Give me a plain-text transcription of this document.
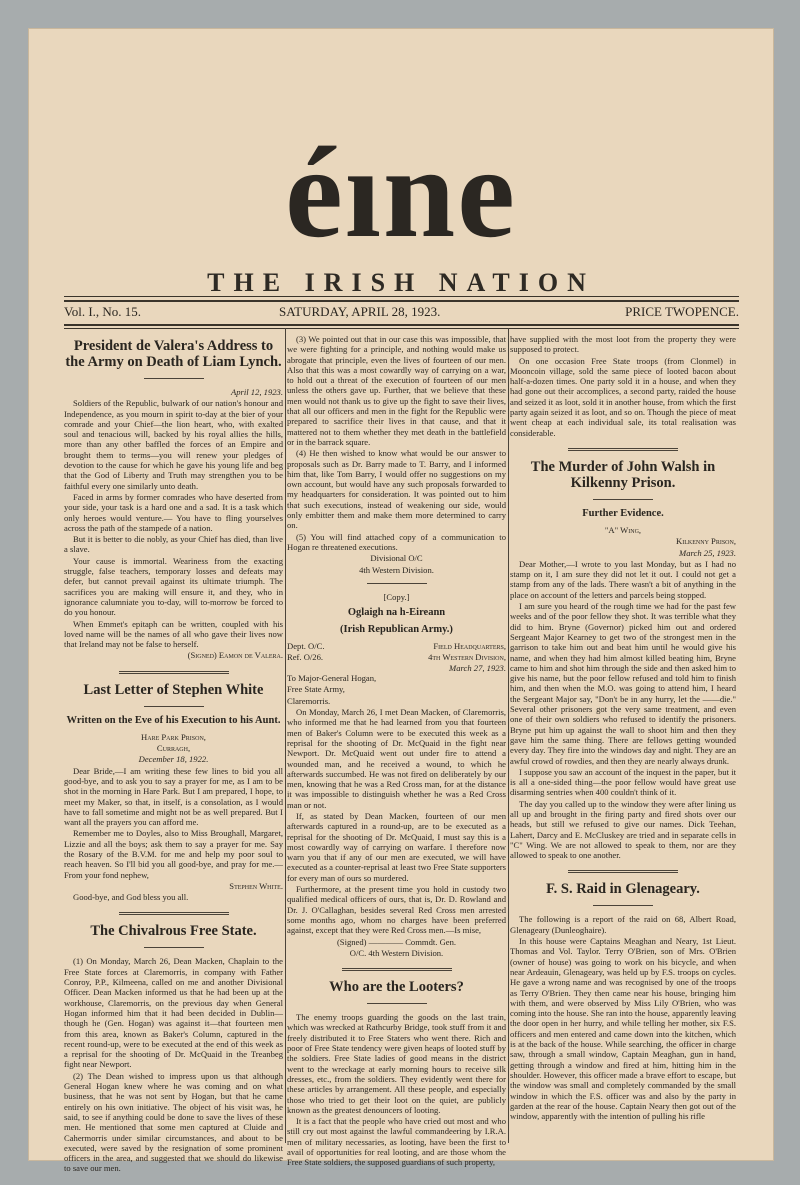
éıne
THE IRISH NATION
Vol. I., No. 15.	SATURDAY, APRIL 28, 1923.	PRICE TWOPENCE.
President de Valera's Address to the Army on Death of Liam Lynch.

April 12, 1923.

Soldiers of the Republic, bulwark of our nation's honour and Independence, as you mourn in spirit to-day at the bier of your comrade and your Chief—the lion heart, who, with exalted soul and tenacious will, backed by his royal allies the hills, more than any other baffled the forces of an Empire and brought them to terms—you will renew your pledges of devotion to the cause for which he gave his young life and beg that the God of Liberty and Truth may strengthen you to be faithful every one similarly unto death.

Faced in arms by former comrades who have deserted from your side, your task is a hard one and a sad. It is a task which only heroes would venture.— You have to fling yourselves across the path of the stampede of a nation.

But it is better to die nobly, as your Chief has died, than live a slave.

Your cause is immortal. Weariness from the exacting struggle, false teachers, temporary losses and defeats may defer, but cannot prevail against its ultimate triumph. The sacrifices you are making will ensure it, and they, who in ignorance calumniate you to-day, will to-morrow be forced to do you honour.

When Emmet's epitaph can be written, coupled with his loved name will be the names of all who gave their lives now that Ireland may not be false to herself.

(Signed) Eamon de Valera.

Last Letter of Stephen White
Written on the Eve of his Execution to his Aunt.

Hare Park Prison,

Curragh,

December 18, 1922.

Dear Bride,—I am writing these few lines to bid you all good-bye, and to ask you to say a prayer for me, as I am to be shot in the morning in Hare Park. But I am prepared, I hope, to meet my Maker, so that, in itself, is a consolation, as I would have to fall sometime and might not be as well prepared. But I want all the prayers you can afford me.

Remember me to Doyles, also to Miss Broughall, Margaret, Lizzie and all the boys; ask them to say a prayer for me. Say the Rosary of the B.V.M. for me and help my poor soul to reach heaven. So I'll bid you all good-bye, and pray for me.—From your fond nephew,

Stephen White.

Good-bye, and God bless you all.

The Chivalrous Free State.

(1) On Monday, March 26, Dean Macken, Chaplain to the Free State forces at Claremorris, in company with Father Conroy, P.P., Kilmeena, called on me and another Divisional Officer. Dean Macken informed us that he had been up at the workhouse, Claremorris, on the previous day when General Hogan informed him that it had been decided in Dublin—though he (Gen. Hogan) was against it—that fourteen men from this area, known as Baker's Column, captured in the recent round-up, were to be executed at the end of this week as a reprisal for the shooting of Dr. McQuaid in the Treanbeg fight near Newport.

(2) The Dean wished to impress upon us that although General Hogan knew where he was coming and on what business, that he was not sent by Hogan, but that he came entirely on his own initiative. The object of his visit was, he said, to see if anything could be done to save the lives of these men. He mentioned that some men captured at Cluide and Cahermorris under similar circumstances, and about to be executed, were saved by the resignation of some prominent officers in the area, and suggested that we should do likewise to save our men.

(3) We pointed out that in our case this was impossible, that we were fighting for a principle, and nothing would make us abrogate that principle, even the lives of fourteen of our men. Also that this was a most cowardly way of carrying on a war, to hold out a threat of the execution of fourteen of our men unless the others gave up. Further, that we believe that these men would not thank us to give up the fight to save their lives, that all our officers and men in the fight for the Republic were prepared to sacrifice their lives in that cause, and that it mattered not to them whether they met death in the battlefield or in the barrack square.

(4) He then wished to know what would be our answer to proposals such as Dr. Barry made to T. Barry, and I informed him that, like Tom Barry, I would offer no suggestions on my own account, but would have any such proposals forwarded to my headquarters for consideration. It was pointed out to him that such executions, instead of weakening our side, would only embitter them and make them more determined to carry on.

(5) You will find attached copy of a communication to Hogan re threatened executions.

Divisional O/C

4th Western Division.

[Copy.]

Oglaigh na h-Eireann
(Irish Republican Army.)
Dept. O/C.
Ref. O/26.
Field Headquarters,
4th Western Division,
March 27, 1923.

To Major-General Hogan,

Free State Army,

Claremorris.

On Monday, March 26, I met Dean Macken, of Claremorris, who informed me that he had learned from you that fourteen men of Baker's Column were to be executed this week as a reprisal for the shooting of Dr. McQuaid in the fight near Newport. Dr. McQuaid went out under fire to attend a wounded man, and he received a wound, to which he afterwards succumbed. He was not fired on deliberately by our men, knowing that he was a Red Cross man, for at the distance it was impossible to distinguish whether he was a Red Cross man or not.

If, as stated by Dean Macken, fourteen of our men afterwards captured in a round-up, are to be executed as a reprisal for the shooting of Dr. McQuaid, I must say this is a most cowardly way of carrying on warfare. I therefore now warn you that if any of our men are executed, we will have executed as a counter-reprisal at least two Free State supporters for every man of ours so murdered.

Furthermore, at the present time you hold in custody two qualified medical officers of ours, that is, Dr. D. Rowland and Dr. J. O'Callaghan, besides several Red Cross men arrested some months ago, whom no charges have been preferred against, except that they were Red Cross men.—Is mise,

(Signed) ———— Commdt. Gen.

O/C. 4th Western Division.

Who are the Looters?

The enemy troops guarding the goods on the last train, which was wrecked at Rathcurby Bridge, took stuff from it and freely distributed it to Free Staters who went there. Rich and poor of Free State tendency were given heaps of looted stuff by the soldiers. Free State ladies of good means in the district went to the wreckage at early morning hours to receive silk dresses, etc., from the soldiers. They evidently went there for these articles by arrangement. All these people, and especially those who tried to get their loot on the quiet, are publicly known as the greatest denouncers of looting.

It is a fact that the people who have cried out most and who still cry out most against the lawful commandeering by I.R.A. men of military necessaries, as looting, have been the first to avail of opportunities for real looting, and are those whom the Free State soldiers, the supposed guardians of such property,

have supplied with the most loot from the property they were supposed to protect.

On one occasion Free State troops (from Clonmel) in Mooncoin village, sold the same piece of looted bacon about half-a-dozen times. One party sold it in a house, and when they had gone out their accomplices, a second party, raided the house and seized it as loot, sold it in another house, from which the first party again seized it as loot, and so on. Though the piece of meat went cheap at each individual sale, its total realisation was considerable.

The Murder of John Walsh in Kilkenny Prison.
Further Evidence.

"A" Wing,

Kilkenny Prison,

March 25, 1923.

Dear Mother,—I wrote to you last Monday, but as I had no stamp on it, I am sure they did not let it out. I could not get a stamp from any of the lads. There wasn't a bit of anything in the place on account of the letters and parcels being stopped.

I am sure you heard of the rough time we had for the past few weeks and of the poor fellow they shot. It was terrible what they did to him. Bryne (Governor) picked him out and ordered Sergeant Major Kearney to get two of the strongest men in the garrison to take him out and beat him until he would give his name, and when they had him almost killed beating him, Bryne came to him and shot him through the side and then asked him to give his name, but the poor fellow refused and told him to finish him, and then when the M.O. was going to attend him, I heard the Sergeant Major say, "Don't be in any hurry, let the ——die." Several other prisoners got the very same treatment, and even one of their own soldiers who refused to identify the prisoners. Bryne put him up against the wall to shoot him and then they gave him the same thing. There are fellows getting wounded every day. They fire into the windows day and night. They are an awful crowd of rowdies, and then they are nearly always drunk.

I suppose you saw an account of the inquest in the paper, but it is all a one-sided thing—the poor fellow would have great use disarming sentries when 400 couldn't think of it.

The day you called up to the window they were after lining us all up and brought in the firing party and fired shots over our heads, but still we refused to give our names. Dick Teehan, Lahert, Darcy and E. McCluskey are tried and in separate cells in "C" Wing. We are not allowed to speak to them, nor are they allowed to speak to one another.

F. S. Raid in Glenageary.

The following is a report of the raid on 68, Albert Road, Glenageary (Dunleoghaire).

In this house were Captains Meaghan and Neary, 1st Lieut. Thomas and Vol. Taylor. Terry O'Brien, son of Mrs. O'Brien (owner of house) was going to work on his bicycle, and when near Ardeauin, Glenageary, was held up by F.S. troops on cycles. He gave a wrong name and was recognised by one of the troops as Terry O'Brien. They then came near his house, bringing him with them, and were observed by Miss Lily O'Brien, who was coming into the house. She ran into the house, apparently leaving the door open in her hurry, and while telling her mother, six F.S. officers and men entered and came down into the kitchen, which is at the back of the house. While searching, the officer in charge saw, through a small window, Captain Meaghan, gun in hand, getting through a window and fired at him, hitting him in the shoulder. However, this officer made a brave effort to escape, but the window was small and completely commanded by the small window in which the F.S. officer was and also by the party in garden at the rear of the house. Captain Neary then got out of the window, apparently with the intention of pulling his rifle
